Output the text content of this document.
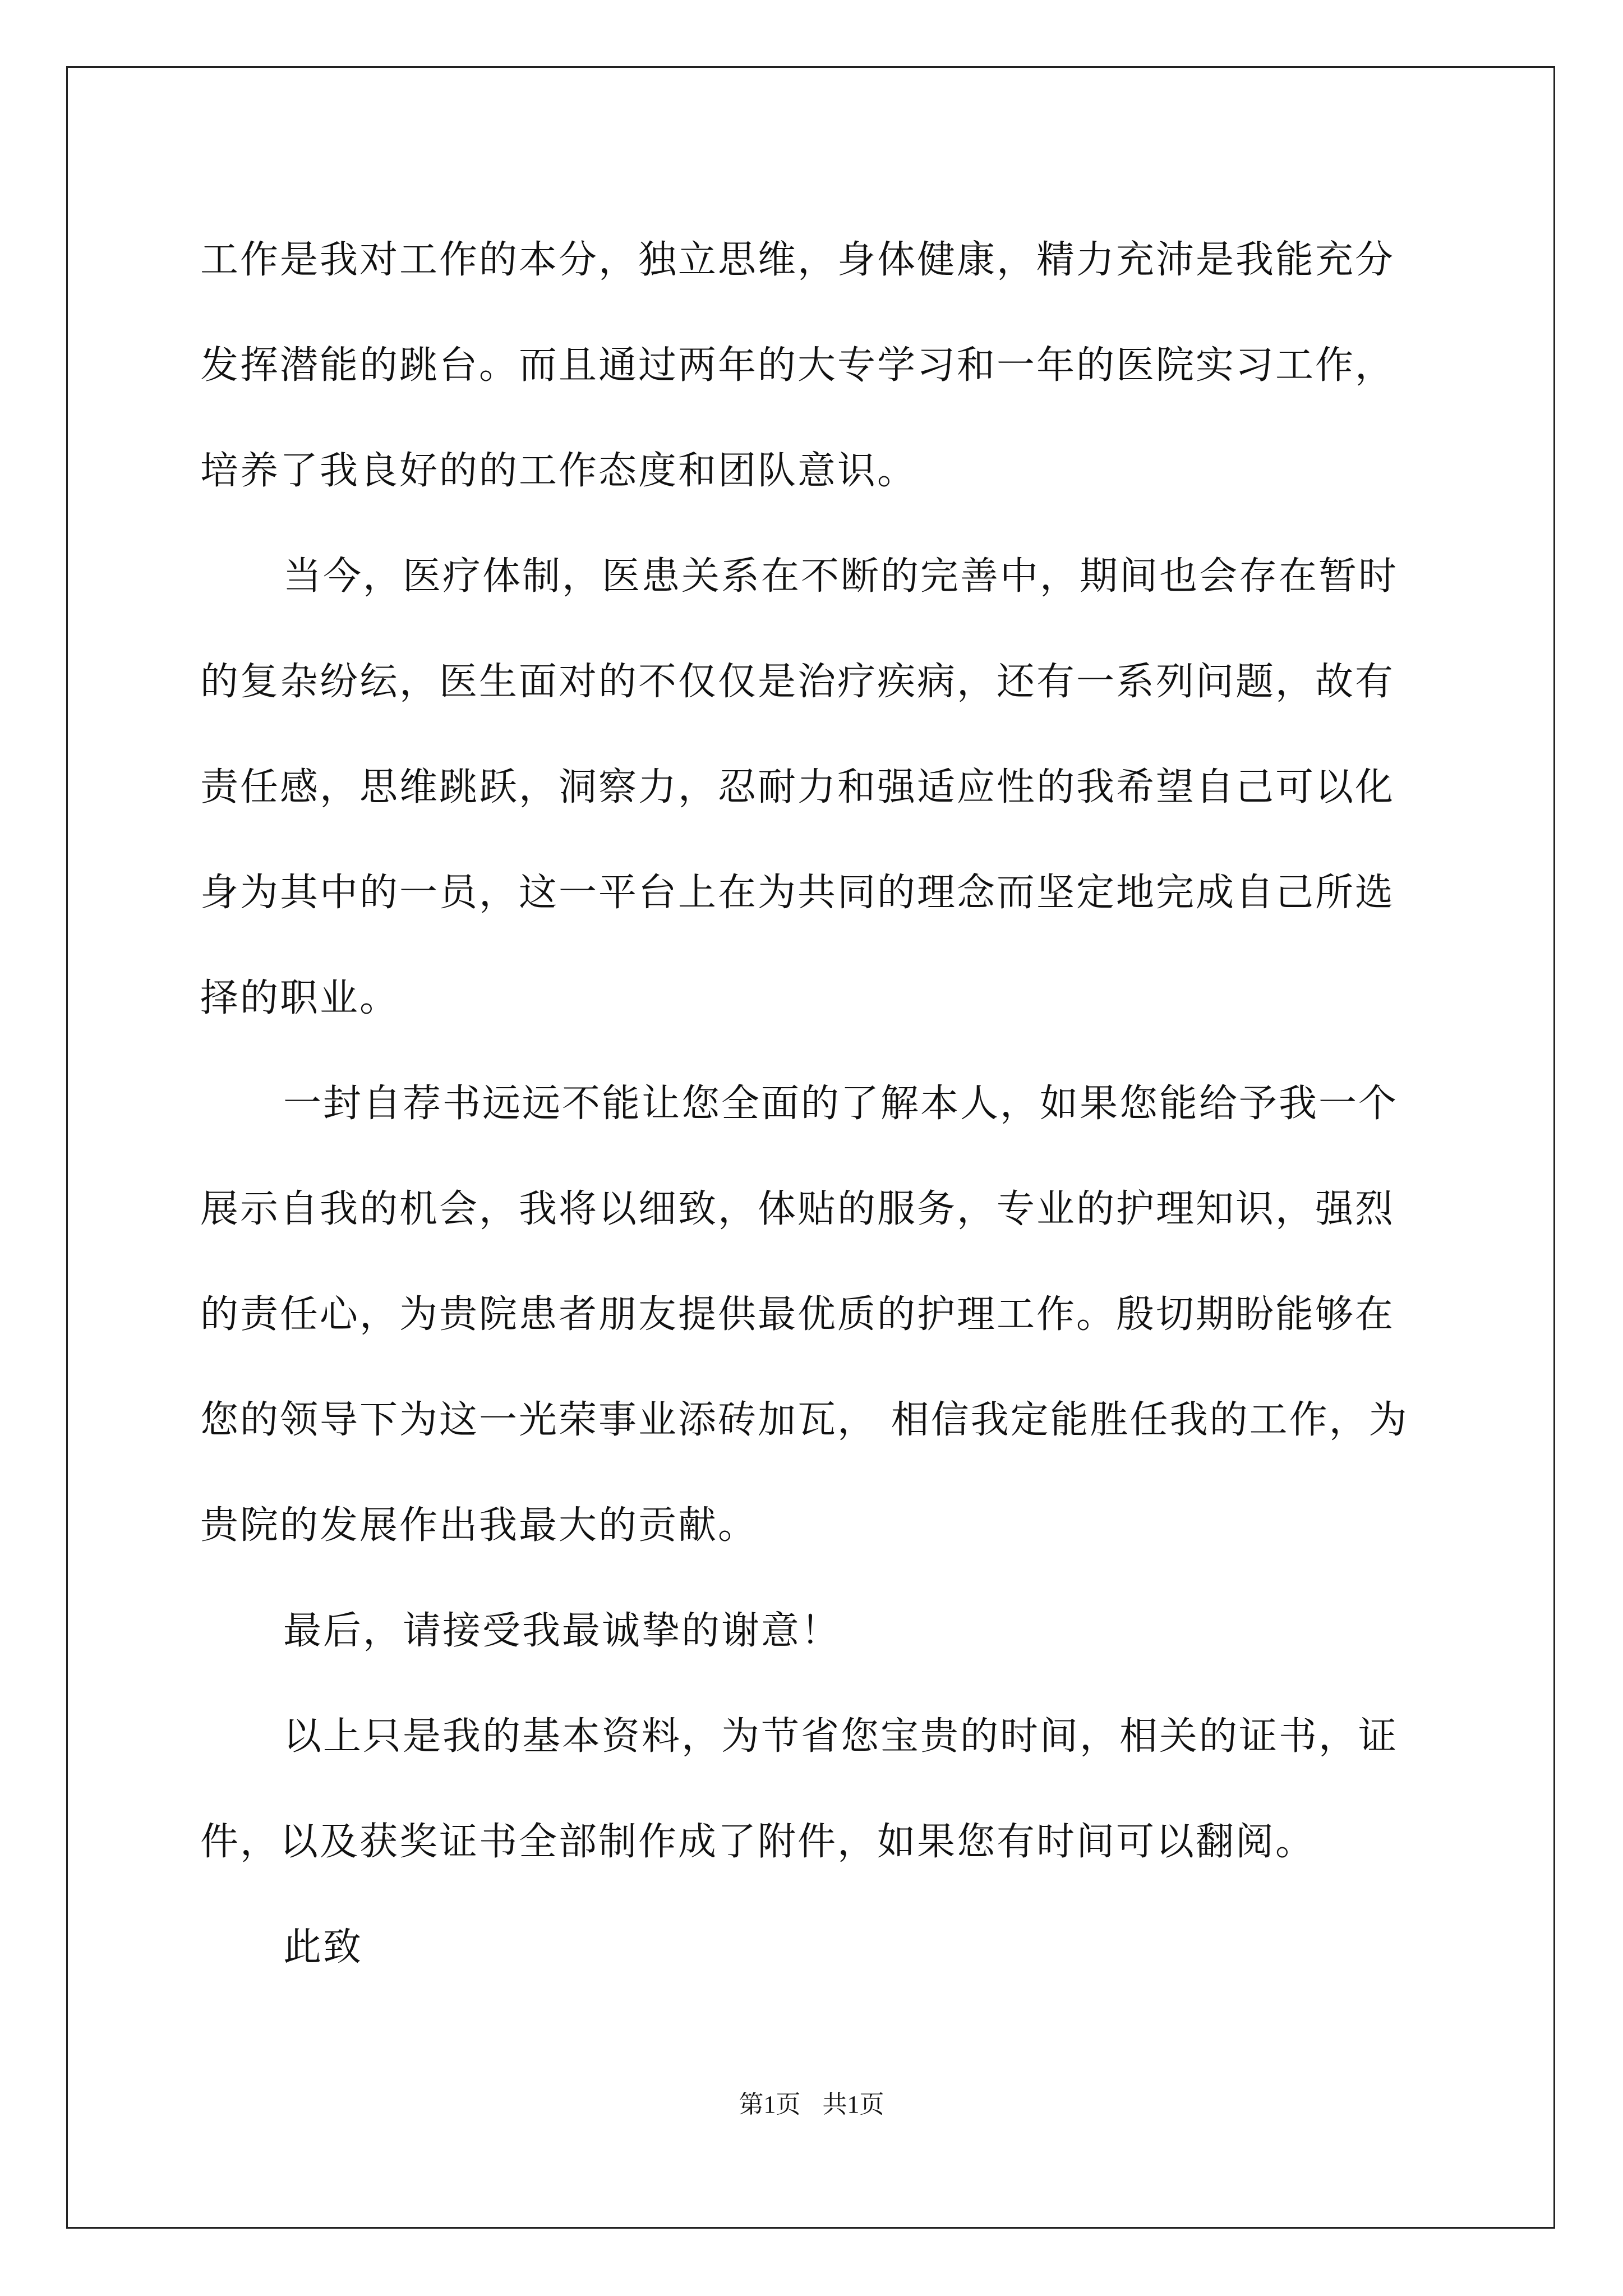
工作是我对工作的本分，独立思维，身体健康，精力充沛是我能充分
发挥潜能的跳台。而且通过两年的大专学习和一年的医院实习工作，
培养了我良好的的工作态度和团队意识。
当今，医疗体制，医患关系在不断的完善中，期间也会存在暂时
的复杂纷纭，医生面对的不仅仅是治疗疾病，还有一系列问题，故有
责任感，思维跳跃，洞察力，忍耐力和强适应性的我希望自己可以化
身为其中的一员，这一平台上在为共同的理念而坚定地完成自己所选
择的职业。
一封自荐书远远不能让您全面的了解本人，如果您能给予我一个
展示自我的机会，我将以细致，体贴的服务，专业的护理知识，强烈
的责任心，为贵院患者朋友提供最优质的护理工作。殷切期盼能够在
您的领导下为这一光荣事业添砖加瓦， 相信我定能胜任我的工作，为
贵院的发展作出我最大的贡献。
最后，请接受我最诚挚的谢意！
以上只是我的基本资料，为节省您宝贵的时间，相关的证书，证
件，以及获奖证书全部制作成了附件，如果您有时间可以翻阅。
此致
第1页 共1页
